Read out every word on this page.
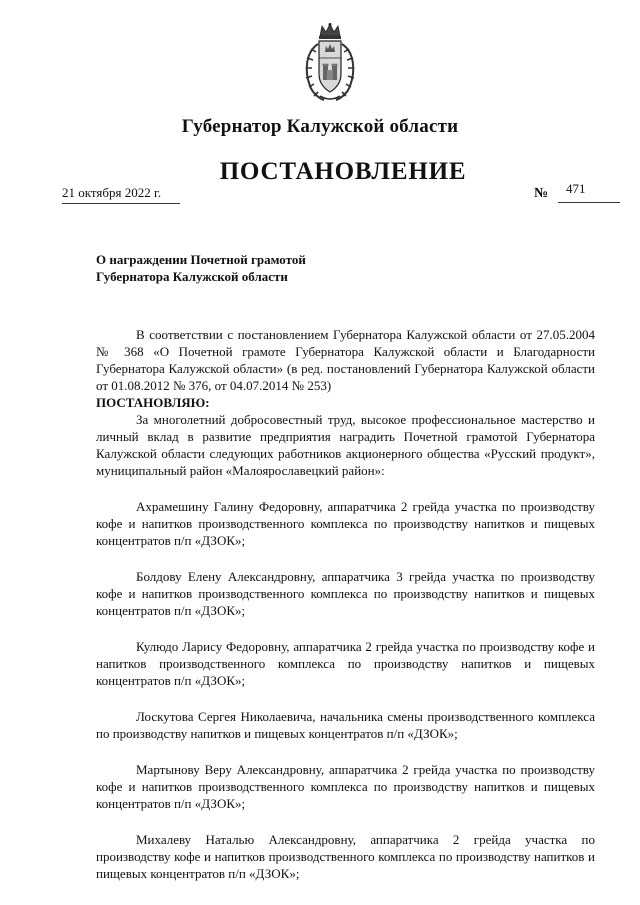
Губернатор Калужской области
ПОСТАНОВЛЕНИЕ
21 октября 2022 г.	№ 471
О награждении Почетной грамотой
Губернатора Калужской области

В соответствии с постановлением Губернатора Калужской области от 27.05.2004 № 368 «О Почетной грамоте Губернатора Калужской области и Благодарности Губернатора Калужской области» (в ред. постановлений Губернатора Калужской области от 01.08.2012 № 376, от 04.07.2014 № 253)

ПОСТАНОВЛЯЮ:

За многолетний добросовестный труд, высокое профессиональное мастерство и личный вклад в развитие предприятия наградить Почетной грамотой Губернатора Калужской области следующих работников акционерного общества «Русский продукт», муниципальный район «Малоярославецкий район»:

Ахрамешину Галину Федоровну, аппаратчика 2 грейда участка по производству кофе и напитков производственного комплекса по производству напитков и пищевых концентратов п/п «ДЗОК»;

Болдову Елену Александровну, аппаратчика 3 грейда участка по производству кофе и напитков производственного комплекса по производству напитков и пищевых концентратов п/п «ДЗОК»;

Кулюдо Ларису Федоровну, аппаратчика 2 грейда участка по производству кофе и напитков производственного комплекса по производству напитков и пищевых концентратов п/п «ДЗОК»;

Лоскутова Сергея Николаевича, начальника смены производственного комплекса по производству напитков и пищевых концентратов п/п «ДЗОК»;

Мартынову Веру Александровну, аппаратчика 2 грейда участка по производству кофе и напитков производственного комплекса по производству напитков и пищевых концентратов п/п «ДЗОК»;

Михалеву Наталью Александровну, аппаратчика 2 грейда участка по производству кофе и напитков производственного комплекса по производству напитков и пищевых концентратов п/п «ДЗОК»;
